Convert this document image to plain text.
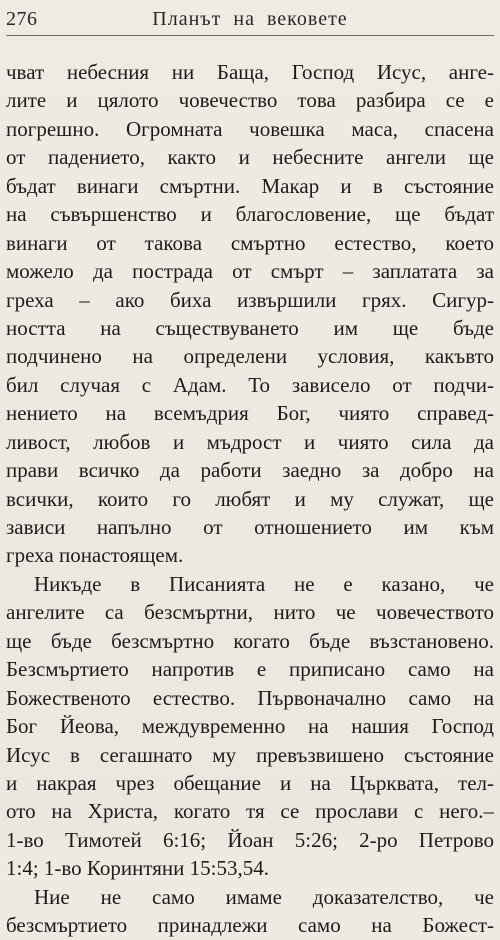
276	Планът на вековете
чват небесния ни Баща, Господ Исус, анге-
лите и цялото човечество това разбира се е
погрешно. Огромната човешка маса, спасена
от падението, както и небесните ангели ще
бъдат винаги смъртни. Макар и в състояние
на съвършенство и благословение, ще бъдат
винаги от такова смъртно естество, което
можело да пострада от смърт – заплатата за
греха – ако биха извършили грях. Сигур-
ността на съществуването им ще бъде
подчинено на определени условия, какъвто
бил случая с Адам. То зависело от подчи-
нението на всемъдрия Бог, чиято справед-
ливост, любов и мъдрост и чиято сила да
прави всичко да работи заедно за добро на
всички, които го любят и му служат, ще
зависи напълно от отношението им към
греха понастоящем.
Никъде в Писанията не е казано, че
ангелите са безсмъртни, нито че човечеството
ще бъде безсмъртно когато бъде възстановено.
Безсмъртието напротив е приписано само на
Божественото естество. Първоначално само на
Бог Йеова, междувременно на нашия Господ
Исус в сегашнато му превъзвишено състояние
и накрая чрез обещание и на Църквата, тел-
ото на Христа, когато тя се прослави с него.–
1-во Тимотей 6:16; Йоан 5:26; 2-ро Петрово
1:4; 1-во Коринтяни 15:53,54.
Ние не само имаме доказателство, че
безсмъртието принадлежи само на Божест-
